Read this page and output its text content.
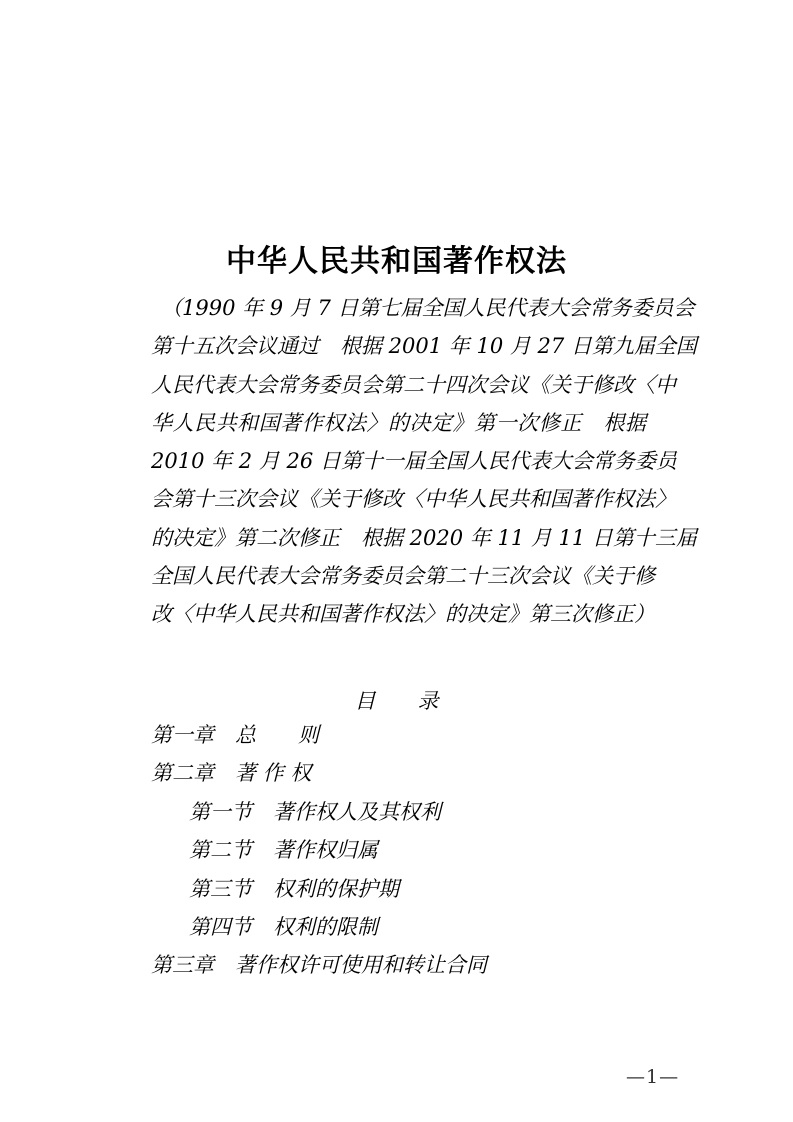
中华人民共和国著作权法
（1990 年 9 月 7 日第七届全国人民代表大会常务委员会
第十五次会议通过　根据 2001 年 10 月 27 日第九届全国
人民代表大会常务委员会第二十四次会议《关于修改〈中
华人民共和国著作权法〉的决定》第一次修正　根据
2010 年 2 月 26 日第十一届全国人民代表大会常务委员
会第十三次会议《关于修改〈中华人民共和国著作权法〉
的决定》第二次修正　根据 2020 年 11 月 11 日第十三届
全国人民代表大会常务委员会第二十三次会议《关于修
改〈中华人民共和国著作权法〉的决定》第三次修正）
目　　录
第一章　总　　则
第二章　著 作 权
第一节　著作权人及其权利
第二节　著作权归属
第三节　权利的保护期
第四节　权利的限制
第三章　著作权许可使用和转让合同
—1—
